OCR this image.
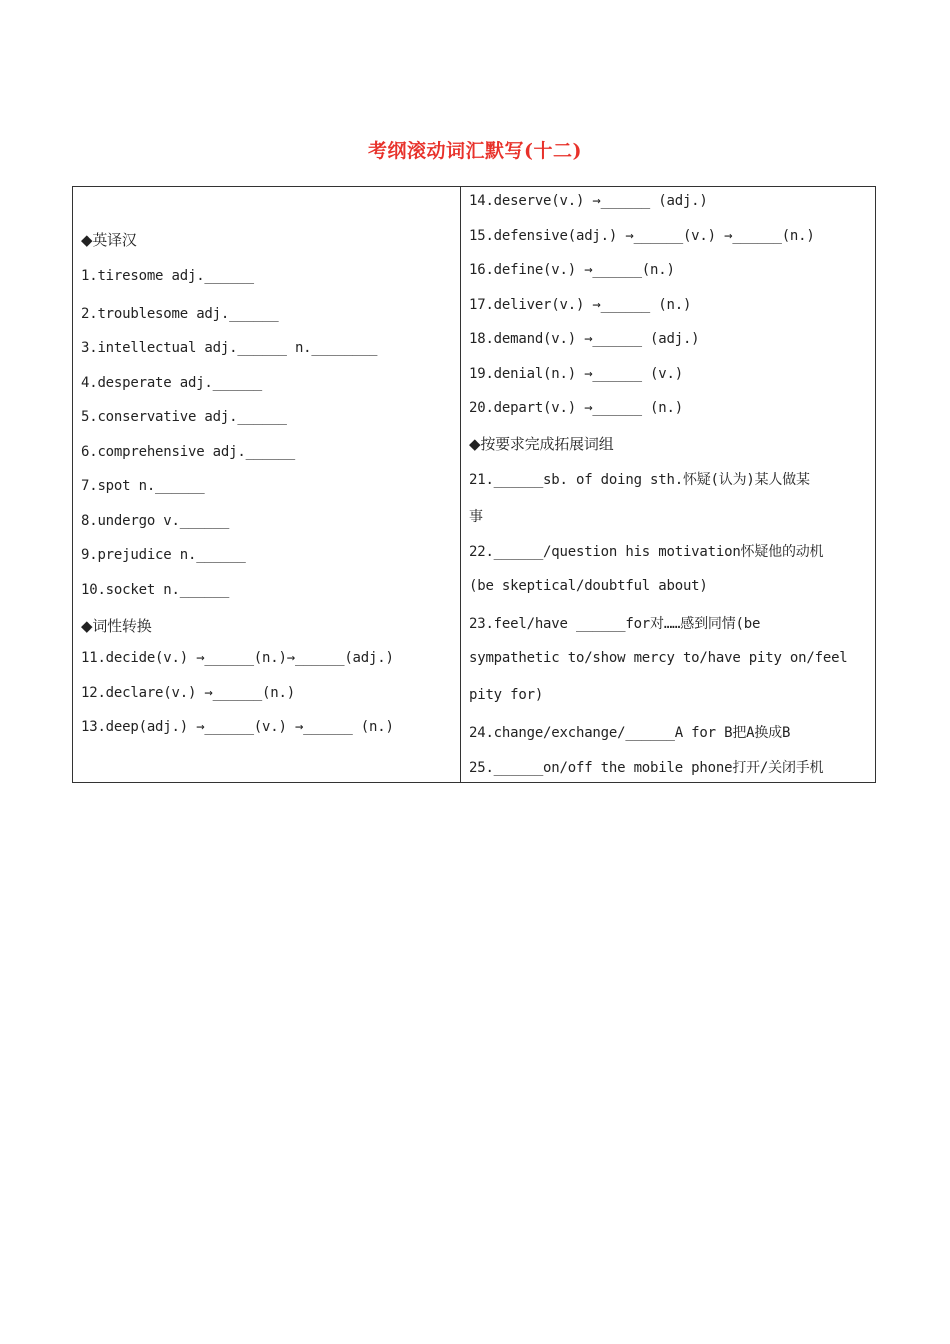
考纲滚动词汇默写(十二)
◆英译汉
1.tiresome adj.______
2.troublesome adj.______
3.intellectual adj.______ n.________
4.desperate adj.______
5.conservative adj.______
6.comprehensive adj.______
7.spot n.______
8.undergo v.______
9.prejudice n.______
10.socket n.______
◆词性转换
11.decide(v.) →______(n.)→______(adj.)
12.declare(v.) →______(n.)
13.deep(adj.) →______(v.) →______ (n.)
14.deserve(v.) →______ (adj.)
15.defensive(adj.) →______(v.) →______(n.)
16.define(v.) →______(n.)
17.deliver(v.) →______ (n.)
18.demand(v.) →______ (adj.)
19.denial(n.) →______ (v.)
20.depart(v.) →______ (n.)
◆按要求完成拓展词组
21.______sb. of doing sth.怀疑(认为)某人做某
事
22.______/question his motivation怀疑他的动机
(be skeptical/doubtful about)
23.feel/have ______for对……感到同情(be
sympathetic to/show mercy to/have pity on/feel
pity for)
24.change/exchange/______A for B把A换成B
25.______on/off the mobile phone打开/关闭手机
